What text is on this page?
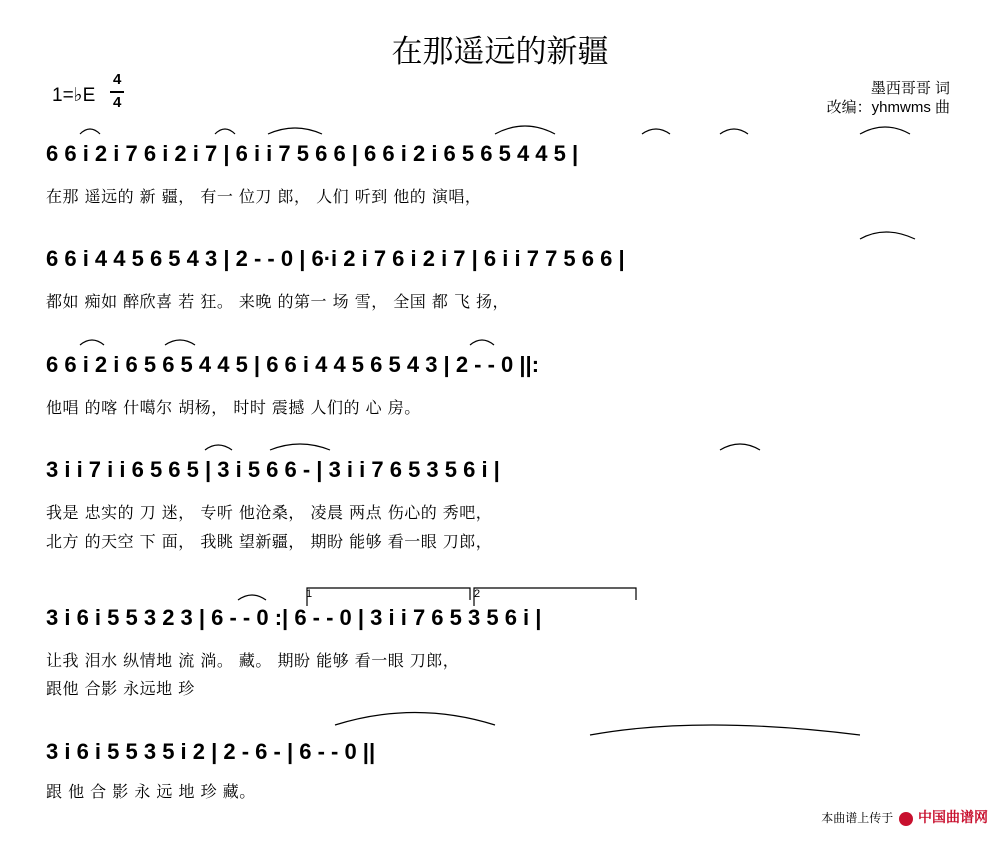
在那遥远的新疆
墨西哥哥 词
改编：yhmwms 曲
1=♭E
4
4
6 6 i 2 i 7 6 i 2 i 7 | 6 i i 7 5 6 6 | 6 6 i 2 i 6 5 6 5 4 4 5 |
在那 遥远的 新 疆， 有一 位刀 郎， 人们 听到 他的 演唱，
6 6 i 4 4 5 6 5 4 3 | 2 - - 0 | 6·i 2 i 7 6 i 2 i 7 | 6 i i 7 7 5 6 6 |
都如 痴如 醉欣喜 若 狂。 来晚 的第一 场 雪， 全国 都 飞 扬，
6 6 i 2 i 6 5 6 5 4 4 5 | 6 6 i 4 4 5 6 5 4 3 | 2 - - 0 ||:
他唱 的喀 什噶尔 胡杨， 时时 震撼 人们的 心 房。
3 i i 7 i i 6 5 6 5 | 3 i 5 6 6 - | 3 i i 7 6 5 3 5 6 i |
我是 忠实的 刀 迷， 专听 他沧桑， 凌晨 两点 伤心的 秀吧，
北方 的天空 下 面， 我眺 望新疆， 期盼 能够 看一眼 刀郎，
1	2
3 i 6 i 5 5 3 2 3 | 6 - - 0 :| 6 - - 0 | 3 i i 7 6 5 3 5 6 i |
让我 泪水 纵情地 流 淌。 藏。 期盼 能够 看一眼 刀郎，
跟他 合影 永远地 珍
3 i 6 i 5 5 3 5 i 2 | 2 - 6 - | 6 - - 0 ||
跟 他 合 影 永 远 地 珍 藏。
本曲谱上传于 中国曲谱网
